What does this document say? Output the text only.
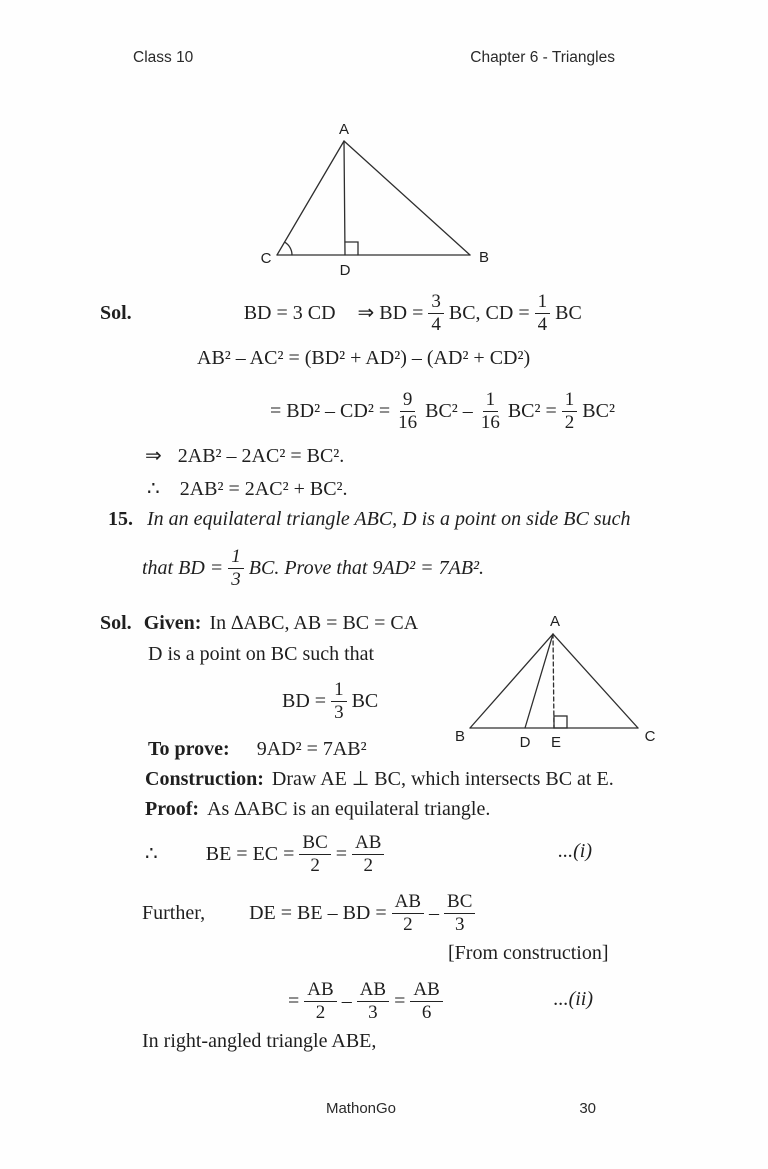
Class 10	Chapter 6 - Triangles
A
B
C
D
Sol.	BD = 3 CD ⇒ BD = $\frac{3}{4}$ BC, CD = $\frac{1}{4}$ BC
AB² – AC² = (BD² + AD²) – (AD² + CD²)
= $BD^2 - CD^2 = \frac{9}{16} BC^2 - \frac{1}{16} BC^2 = \frac{1}{2} BC^2$
⇒ 2AB² – 2AC² = BC².
∴ 2AB² = 2AC² + BC².
15. In an equilateral triangle ABC, D is a point on side BC such
that BD = $\frac{1}{3}$ BC. Prove that 9AD² = 7AB².
A
B	C
D E
Sol. Given: In ∆ABC, AB = BC = CA
D is a point on BC such that
BD = $\frac{1}{3}$ BC
To prove: 9AD² = 7AB²
Construction: Draw AE ⊥ BC, which intersects BC at E.
Proof: As ∆ABC is an equilateral triangle.
∴ BE = EC = $\frac{BC}{2} = \frac{AB}{2}$	...(i)
Further, DE = BE – BD = $\frac{AB}{2} - \frac{BC}{3}$
[From construction]
= $\frac{AB}{2} - \frac{AB}{3} = \frac{AB}{6}$	...(ii)
In right-angled triangle ABE,
MathonGo	30
